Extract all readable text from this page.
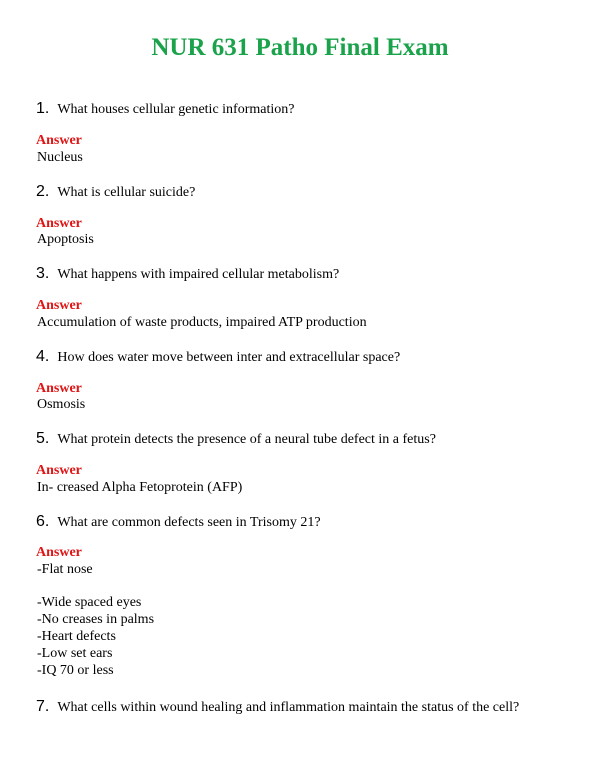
NUR 631 Patho Final Exam
1. What houses cellular genetic information?
Answer
Nucleus
2. What is cellular suicide?
Answer
Apoptosis
3. What happens with impaired cellular metabolism?
Answer
Accumulation of waste products, impaired ATP production
4. How does water move between inter and extracellular space?
Answer
Osmosis
5. What protein detects the presence of a neural tube defect in a fetus?
Answer
In- creased Alpha Fetoprotein (AFP)
6. What are common defects seen in Trisomy 21?
Answer
-Flat nose
-Wide spaced eyes
-No creases in palms
-Heart defects
-Low set ears
-IQ 70 or less
7. What cells within wound healing and inflammation maintain the status of the cell?
